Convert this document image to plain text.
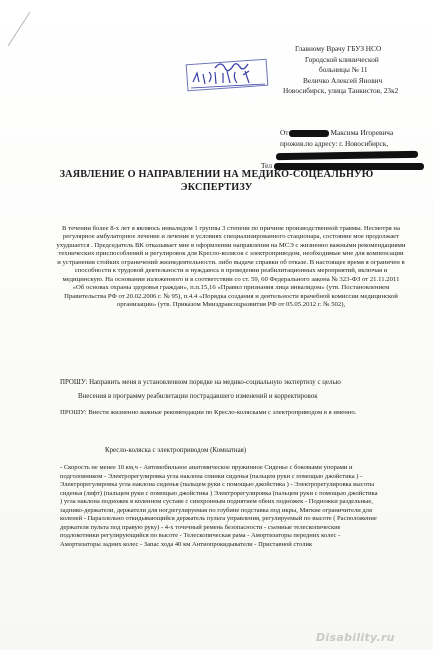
Главному Врачу ГБУЗ НСО
Городской клинической
больницы № 11
Величко Алексей Янович
Новосибирск, улица Танкистов, 23к2
От	Максима Игоревича
прожив.по адресу: г. Новосибирск,
Тел
ЗАЯВЛЕНИЕ О НАПРАВЛЕНИИ НА МЕДИКО-СОЦЕАЛЬНУЮ ЭКСПЕРТИЗУ
В течении более 8-х лет я являюсь инвалидом 1 группы 3 степени по причине производственной травмы. Несмотря на регулярное амбулаторное лечение и лечение в условиях специализированного стационара, состояние мое продолжает ухудшается . Председатель ВК отказывает мне в оформлении направления на МСЭ с жизненно важными рекомендациями технических приспособлений и регулировок для Кресло-колясок с электроприводом, необходимые мне для компенсации и устранения стойких ограничений жизнедеятельности. либо выдаче справки об отказе. В настоящее время я ограничен в способности к трудовой деятельности и нуждаюсь в проведении реабилитационных мероприятий, включая и медицинскую. На основании изложенного и в соответствии со ст. 59, 60 Федерального закона № 323-ФЗ от 21.11.2011 «Об основах охраны здоровья граждан», п.п.15,16 «Правил признания лица инвалидом» (утв. Постановлением Правительства РФ от 20.02.2006 г. № 95), п.4.4 «Порядка создания и деятельности врачебной комиссии медицинской организации» (утв. Приказом Минздравсоцразвития РФ от 05.05.2012 г. № 502),
ПРОШУ: Направить меня в установленном порядке на медико-социальную экспертизу с целью
Внесения в программу реабилитации пострадавшего изменений и корректировок
ПРОШУ: Внести жизненно важные рекомендации по Кресло-колясками с электроприводом в я именно.
Кресло-коляска с электроприводом (Комнатная)
- Скорость не менее 10 км,ч - Автомобильное анатомическое пружинное Сиденье с боковыми упорами и подголовником - Электрорегулировка угла наклона спинки сиденья (пальцем руки с помощью джойстика ) - Электрорегулировка угла наклона сиденья (пальцем руки с помощью джойстика ) - Электрорегулировка высоты сиденья (лифт) (пальцем руки с помощью джойстика ) Электрорегулировка (пальцем руки с помощью джойстика ) угла наклона подножек в коленном суставе с синхронным поднятием обеих подножек - Подножки раздельные, заднико-держатели, держатели для ног,регулируемая по глубине подставка под икры, Мягкие ограничители для коленей - Параллельно откидывающийся держатель пульта управления, регулируемый по высоте ( Расположение держателя пульта под правую руку) - 4-х точечный ремень безопасности - съемные телескопические подлокотники регулирующийся по высоте - Телескопическая рама - Амортизаторы передних колес - Амортизаторы задних колес - Запас хода 40 км Антиопрокидыватели - Приставной столик
Disability.ru
